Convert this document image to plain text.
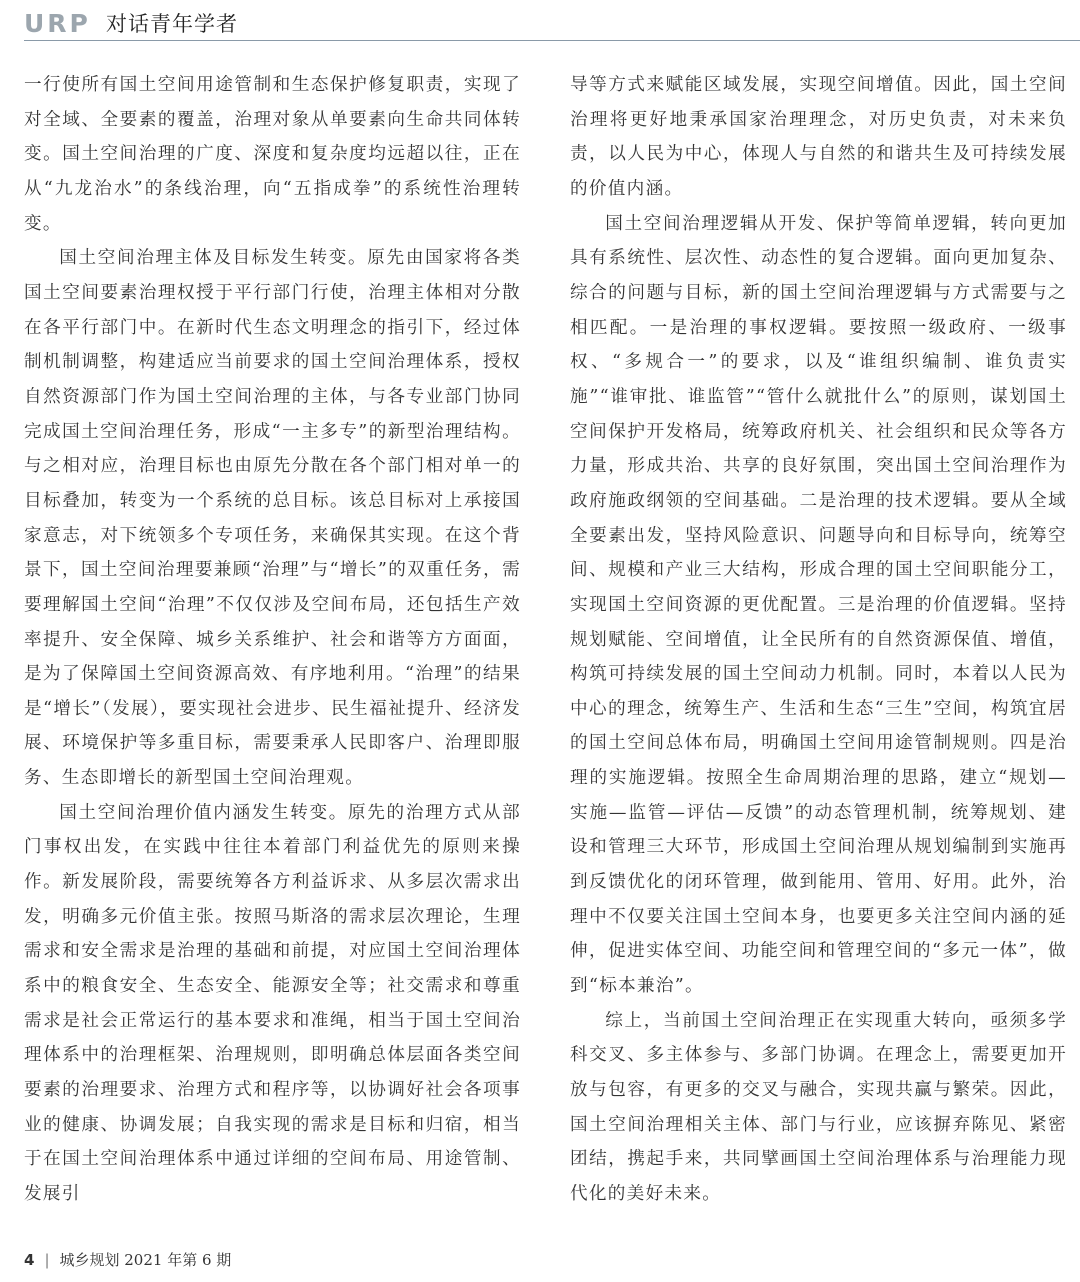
URP 对话青年学者

一行使所有国土空间用途管制和生态保护修复职责，实现了对全域、全要素的覆盖，治理对象从单要素向生命共同体转变。国土空间治理的广度、深度和复杂度均远超以往，正在从“九龙治水”的条线治理，向“五指成拳”的系统性治理转变。

国土空间治理主体及目标发生转变。原先由国家将各类国土空间要素治理权授于平行部门行使，治理主体相对分散在各平行部门中。在新时代生态文明理念的指引下，经过体制机制调整，构建适应当前要求的国土空间治理体系，授权自然资源部门作为国土空间治理的主体，与各专业部门协同完成国土空间治理任务，形成“一主多专”的新型治理结构。与之相对应，治理目标也由原先分散在各个部门相对单一的目标叠加，转变为一个系统的总目标。该总目标对上承接国家意志，对下统领多个专项任务，来确保其实现。在这个背景下，国土空间治理要兼顾“治理”与“增长”的双重任务，需要理解国土空间“治理”不仅仅涉及空间布局，还包括生产效率提升、安全保障、城乡关系维护、社会和谐等方方面面，是为了保障国土空间资源高效、有序地利用。“治理”的结果是“增长”（发展），要实现社会进步、民生福祉提升、经济发展、环境保护等多重目标，需要秉承人民即客户、治理即服务、生态即增长的新型国土空间治理观。

国土空间治理价值内涵发生转变。原先的治理方式从部门事权出发，在实践中往往本着部门利益优先的原则来操作。新发展阶段，需要统筹各方利益诉求、从多层次需求出发，明确多元价值主张。按照马斯洛的需求层次理论，生理需求和安全需求是治理的基础和前提，对应国土空间治理体系中的粮食安全、生态安全、能源安全等；社交需求和尊重需求是社会正常运行的基本要求和准绳，相当于国土空间治理体系中的治理框架、治理规则，即明确总体层面各类空间要素的治理要求、治理方式和程序等，以协调好社会各项事业的健康、协调发展；自我实现的需求是目标和归宿，相当于在国土空间治理体系中通过详细的空间布局、用途管制、发展引

导等方式来赋能区域发展，实现空间增值。因此，国土空间治理将更好地秉承国家治理理念，对历史负责，对未来负责，以人民为中心，体现人与自然的和谐共生及可持续发展的价值内涵。

国土空间治理逻辑从开发、保护等简单逻辑，转向更加具有系统性、层次性、动态性的复合逻辑。面向更加复杂、综合的问题与目标，新的国土空间治理逻辑与方式需要与之相匹配。一是治理的事权逻辑。要按照一级政府、一级事权、“多规合一”的要求，以及“谁组织编制、谁负责实施”“谁审批、谁监管”“管什么就批什么”的原则，谋划国土空间保护开发格局，统筹政府机关、社会组织和民众等各方力量，形成共治、共享的良好氛围，突出国土空间治理作为政府施政纲领的空间基础。二是治理的技术逻辑。要从全域全要素出发，坚持风险意识、问题导向和目标导向，统筹空间、规模和产业三大结构，形成合理的国土空间职能分工，实现国土空间资源的更优配置。三是治理的价值逻辑。坚持规划赋能、空间增值，让全民所有的自然资源保值、增值，构筑可持续发展的国土空间动力机制。同时，本着以人民为中心的理念，统筹生产、生活和生态“三生”空间，构筑宜居的国土空间总体布局，明确国土空间用途管制规则。四是治理的实施逻辑。按照全生命周期治理的思路，建立“规划—实施—监管—评估—反馈”的动态管理机制，统筹规划、建设和管理三大环节，形成国土空间治理从规划编制到实施再到反馈优化的闭环管理，做到能用、管用、好用。此外，治理中不仅要关注国土空间本身，也要更多关注空间内涵的延伸，促进实体空间、功能空间和管理空间的“多元一体”，做到“标本兼治”。

综上，当前国土空间治理正在实现重大转向，亟须多学科交叉、多主体参与、多部门协调。在理念上，需要更加开放与包容，有更多的交叉与融合，实现共赢与繁荣。因此，国土空间治理相关主体、部门与行业，应该摒弃陈见、紧密团结，携起手来，共同擘画国土空间治理体系与治理能力现代化的美好未来。

4 | 城乡规划 2021 年第 6 期
